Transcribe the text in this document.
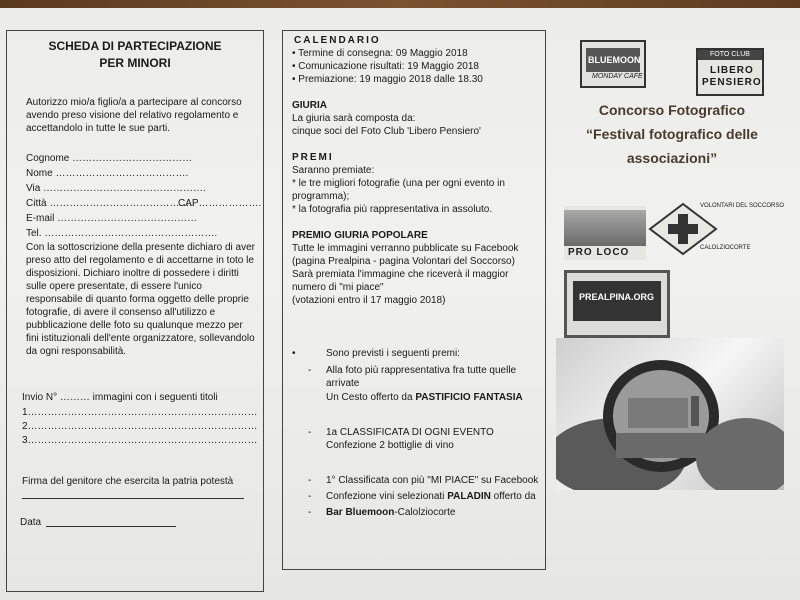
SCHEDA DI PARTECIPAZIONE
PER MINORI
Autorizzo mio/a figlio/a a partecipare al concorso avendo preso visione del relativo regolamento e accettandolo in tutte le sue parti.
Cognome ………………………………
Nome ………………………………….
Via ………………………………………….
Città ……………………………………..
CAP……………….
E-mail ……………………………………
Tel. …………………………………………….
Con la sottoscrizione della presente dichiaro di aver preso atto del regolamento e di accettarne in toto le disposizioni. Dichiaro inoltre di possedere i diritti sulle opere presentate, di essere l'unico responsabile di quanto forma oggetto delle proprie fotografie, di avere il consenso all'utilizzo e pubblicazione delle foto su qualunque mezzo per fini istituzionali dell'ente organizzatore, sollevandolo da ogni responsabilità.
Invio N° ……… immagini con i seguenti titoli
1……………………………………………………………
2……………………………………………………………
3……………………………………………………………
Firma del genitore che esercita la patria potestà
Data
CALENDARIO
• Termine di consegna: 09 Maggio 2018
• Comunicazione risultati: 19 Maggio 2018
• Premiazione: 19 maggio 2018 dalle 18.30
GIURIA
La giuria sarà composta da:
cinque soci del Foto Club 'Libero Pensiero'
PREMI
Saranno premiate:
* le tre migliori fotografie (una per ogni evento in
programma);
* la fotografia più rappresentativa in assoluto.
PREMIO GIURIA POPOLARE
Tutte le immagini verranno pubblicate su Facebook
(pagina Prealpina - pagina Volontari del Soccorso)
Sarà premiata l'immagine che riceverà il maggior
numero di "mi piace"
(votazioni entro il 17 maggio 2018)
•	Sono previsti i seguenti premi:
- Alla foto più rappresentativa fra tutte quelle
arrivate
Un Cesto offerto da PASTIFICIO FANTASIA
- 1a CLASSIFICATA DI OGNI EVENTO
Confezione 2 bottiglie di vino
- 1° Classificata con più "MI PIACE" su Facebook
- Confezione vini selezionati PALADIN offerto da
- Bar Bluemoon-Calolziocorte
BLUEMOON
MONDAY CAFE
FOTO CLUB
LIBERO
PENSIERO
Concorso Fotografico
“Festival fotografico delle
associazioni”
PRO LOCO
VOLONTARI DEL SOCCORSO
CALOLZIOCORTE
PREALPINA.ORG
